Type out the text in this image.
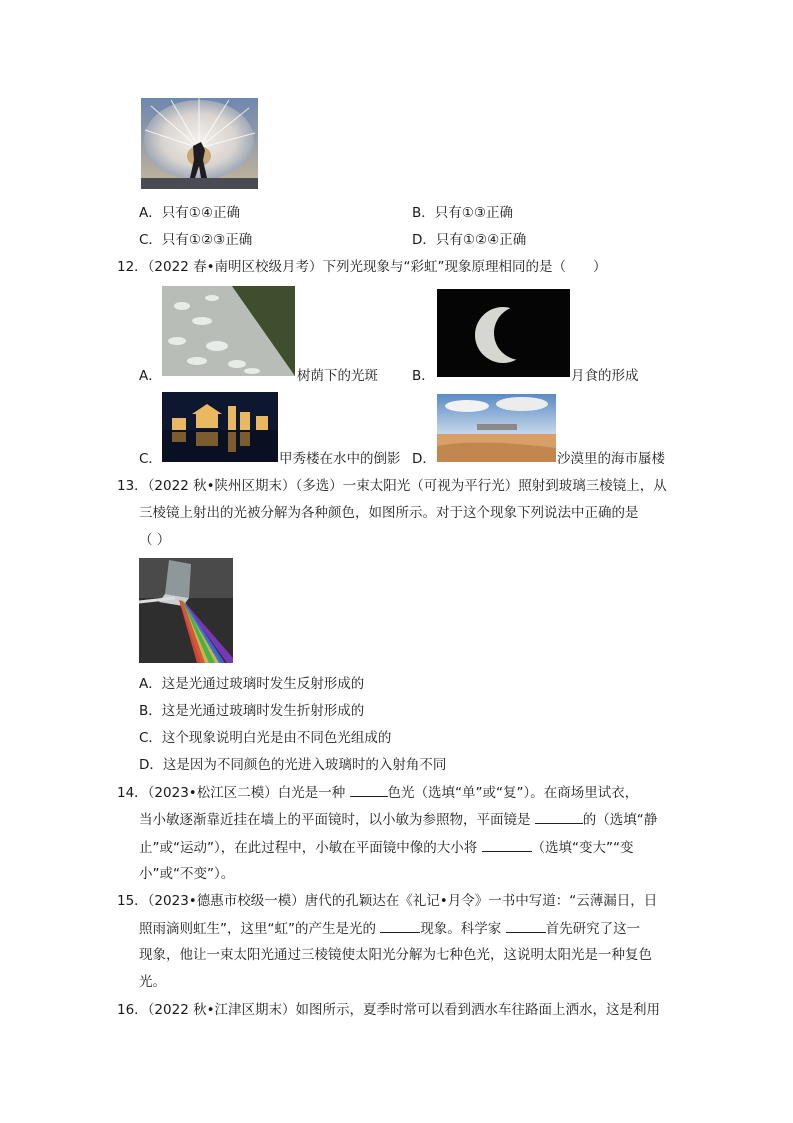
A．只有①④正确	B．只有①③正确
C．只有①②③正确	D．只有①②④正确
12．（2022 春•南明区校级月考）下列光现象与“彩虹”现象原理相同的是（　　）
A．	树荫下的光斑	B．	月食的形成
C．	甲秀楼在水中的倒影 D．	沙漠里的海市蜃楼
13．（2022 秋•陕州区期末）（多选）一束太阳光（可视为平行光）照射到玻璃三棱镜上，从
三棱镜上射出的光被分解为各种颜色，如图所示。对于这个现象下列说法中正确的是
（ ）
A．这是光通过玻璃时发生反射形成的
B．这是光通过玻璃时发生折射形成的
C．这个现象说明白光是由不同色光组成的
D．这是因为不同颜色的光进入玻璃时的入射角不同
14．（2023•松江区二模）白光是一种	色光（选填“单”或“复”）。在商场里试衣，
当小敏逐渐靠近挂在墙上的平面镜时，以小敏为参照物，平面镜是	的（选填“静
止”或“运动”），在此过程中，小敏在平面镜中像的大小将	（选填“变大”“变
小”或“不变”）。
15．（2023•德惠市校级一模）唐代的孔颖达在《礼记•月令》一书中写道：“云薄漏日，日
照雨滴则虹生”，这里“虹”的产生是光的	现象。科学家	首先研究了这一
现象，他让一束太阳光通过三棱镜使太阳光分解为七种色光，这说明太阳光是一种复色
光。
16．（2022 秋•江津区期末）如图所示，夏季时常可以看到洒水车往路面上洒水，这是利用
